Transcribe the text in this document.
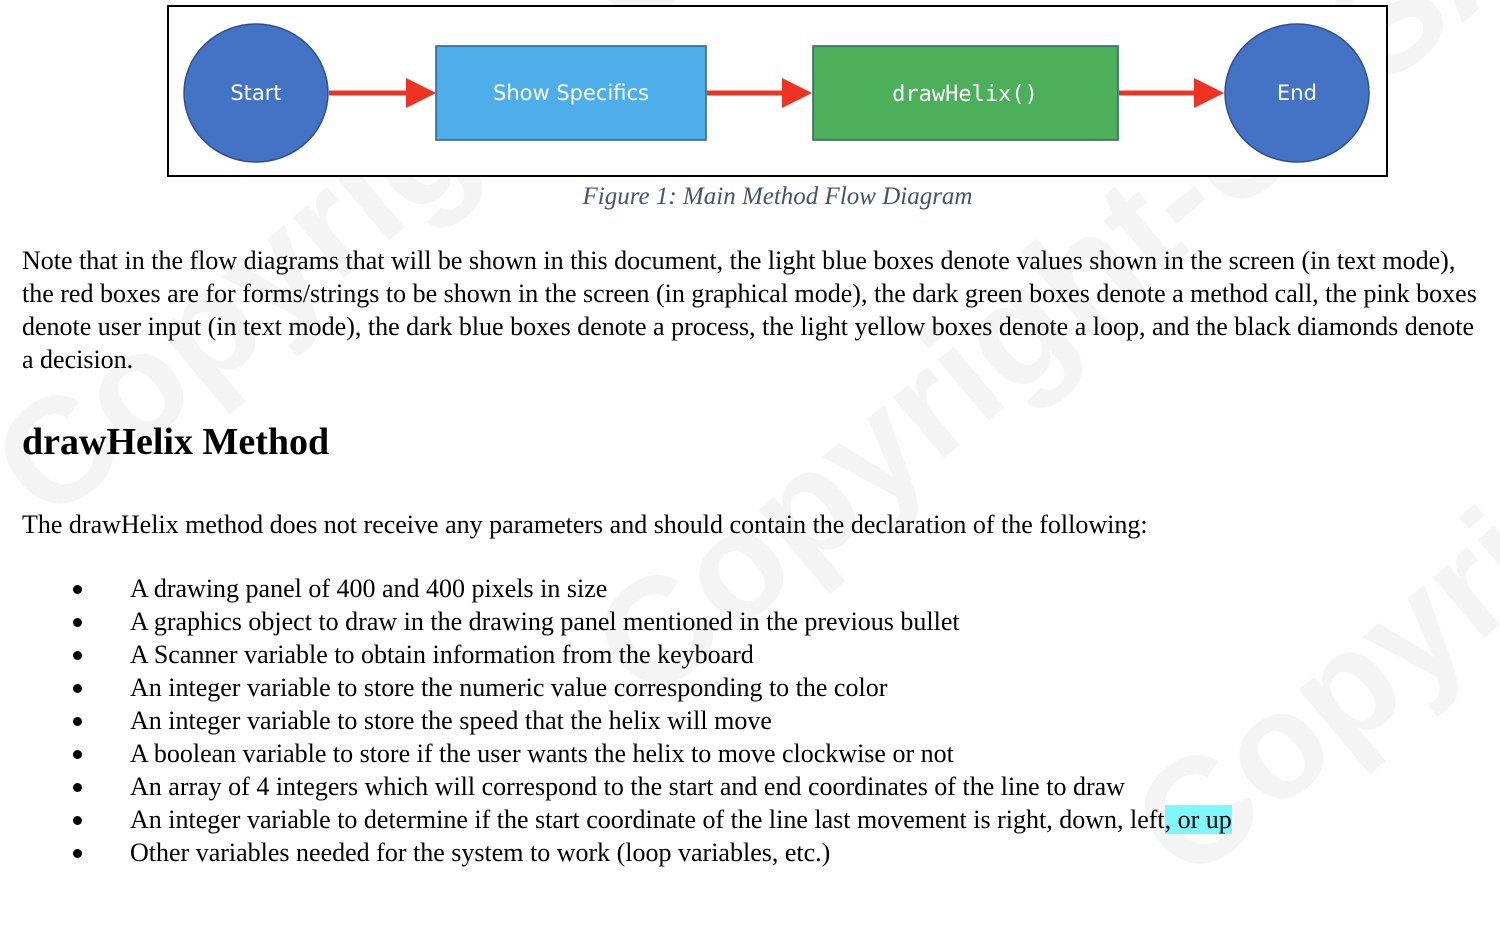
Start	Show Specifics	drawHelix()	End
Figure 1: Main Method Flow Diagram
Note that in the flow diagrams that will be shown in this document, the light blue boxes denote values shown in the screen (in text mode),
the red boxes are for forms/strings to be shown in the screen (in graphical mode), the dark green boxes denote a method call, the pink boxes
denote user input (in text mode), the dark blue boxes denote a process, the light yellow boxes denote a loop, and the black diamonds denote
a decision.
drawHelix Method
The drawHelix method does not receive any parameters and should contain the declaration of the following:
A drawing panel of 400 and 400 pixels in size
A graphics object to draw in the drawing panel mentioned in the previous bullet
A Scanner variable to obtain information from the keyboard
An integer variable to store the numeric value corresponding to the color
An integer variable to store the speed that the helix will move
A boolean variable to store if the user wants the helix to move clockwise or not
An array of 4 integers which will correspond to the start and end coordinates of the line to draw
An integer variable to determine if the start coordinate of the line last movement is right, down, left, or up
Other variables needed for the system to work (loop variables, etc.)
